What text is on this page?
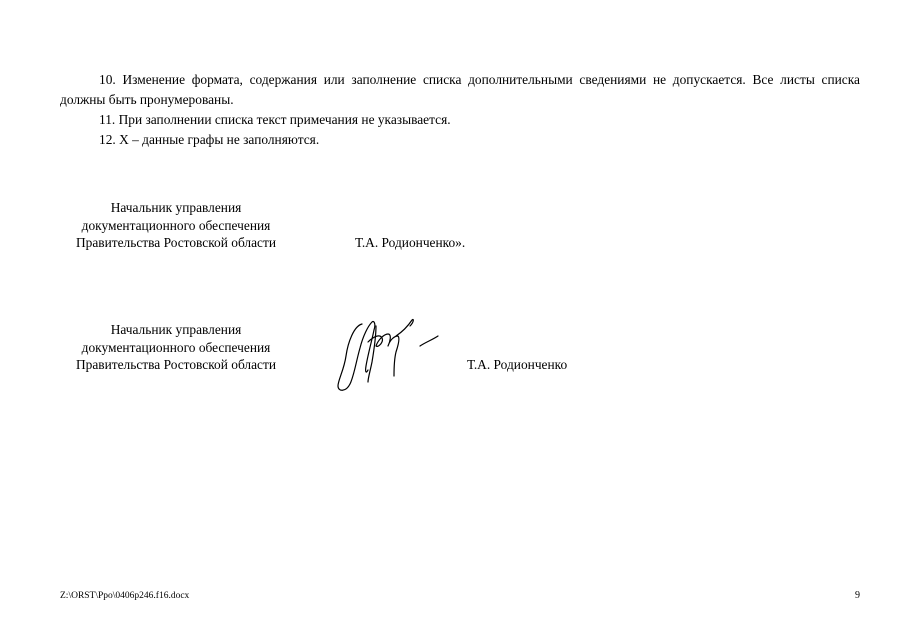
10. Изменение формата, содержания или заполнение списка дополнительными сведениями не допускается. Все листы списка должны быть пронумерованы.

11. При заполнении списка текст примечания не указывается.

12. Х – данные графы не заполняются.

Начальник управления
документационного обеспечения
Правительства Ростовской области	Т.А. Родионченко».
Начальник управления
документационного обеспечения
Правительства Ростовской области	Т.А. Родионченко
Z:\ORST\Ppo\0406p246.f16.docx	9
